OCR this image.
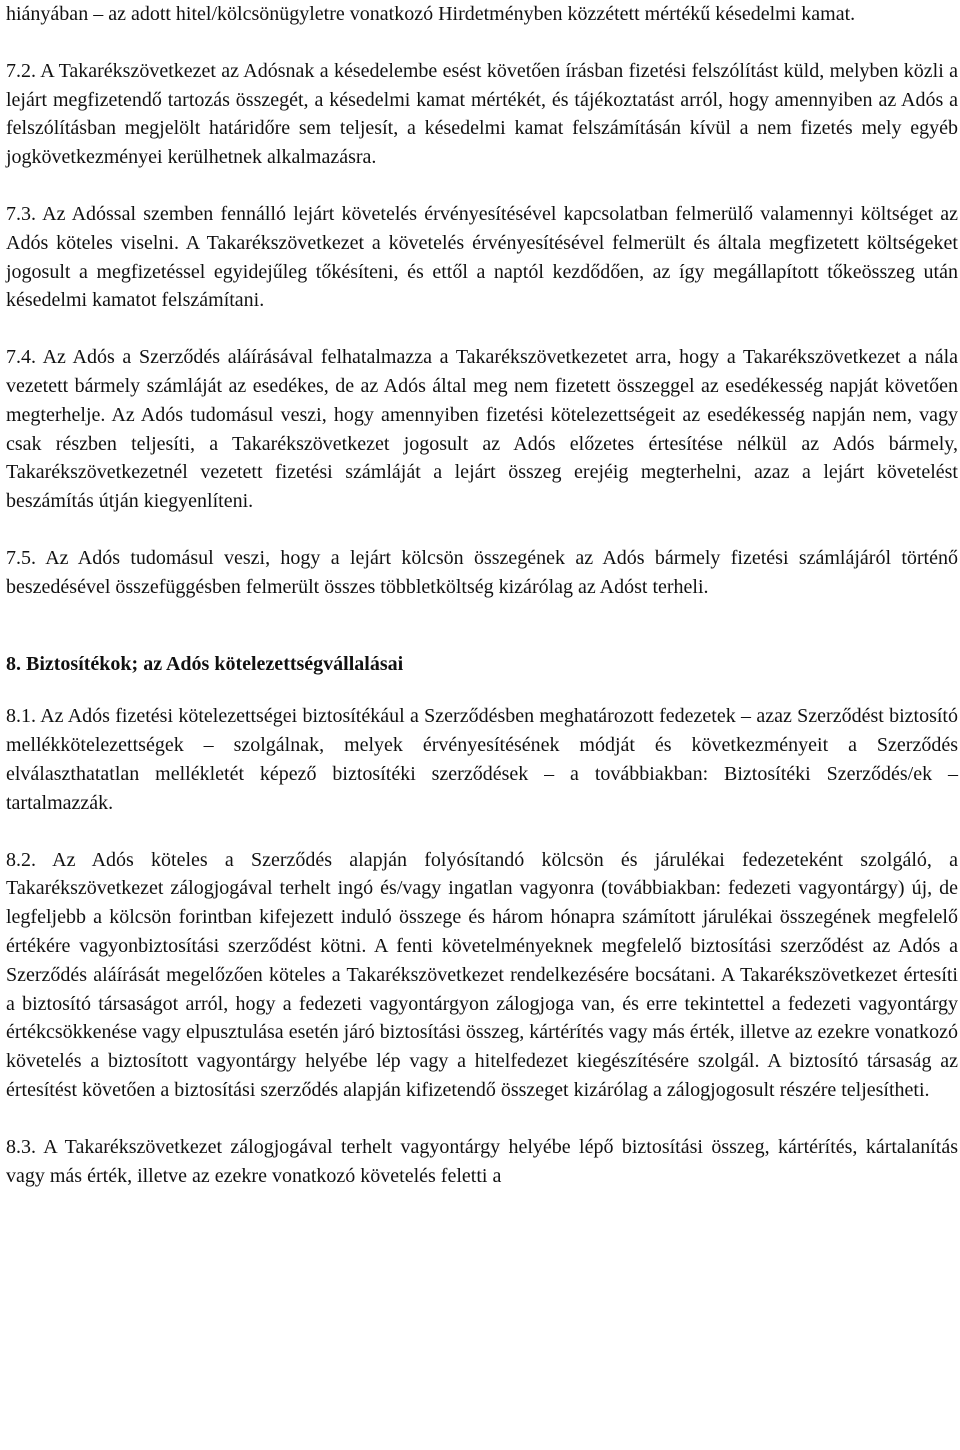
hiányában – az adott hitel/kölcsönügyletre vonatkozó Hirdetményben közzétett mértékű késedelmi kamat.

7.2. A Takarékszövetkezet az Adósnak a késedelembe esést követően írásban fizetési felszólítást küld, melyben közli a lejárt megfizetendő tartozás összegét, a késedelmi kamat mértékét, és tájékoztatást arról, hogy amennyiben az Adós a felszólításban megjelölt határidőre sem teljesít, a késedelmi kamat felszámításán kívül a nem fizetés mely egyéb jogkövetkezményei kerülhetnek alkalmazásra.

7.3. Az Adóssal szemben fennálló lejárt követelés érvényesítésével kapcsolatban felmerülő valamennyi költséget az Adós köteles viselni. A Takarékszövetkezet a követelés érvényesítésével felmerült és általa megfizetett költségeket jogosult a megfizetéssel egyidejűleg tőkésíteni, és ettől a naptól kezdődően, az így megállapított tőkeösszeg után késedelmi kamatot felszámítani.

7.4. Az Adós a Szerződés aláírásával felhatalmazza a Takarékszövetkezetet arra, hogy a Takarékszövetkezet a nála vezetett bármely számláját az esedékes, de az Adós által meg nem fizetett összeggel az esedékesség napját követően megterhelje. Az Adós tudomásul veszi, hogy amennyiben fizetési kötelezettségeit az esedékesség napján nem, vagy csak részben teljesíti, a Takarékszövetkezet jogosult az Adós előzetes értesítése nélkül az Adós bármely, Takarékszövetkezetnél vezetett fizetési számláját a lejárt összeg erejéig megterhelni, azaz a lejárt követelést beszámítás útján kiegyenlíteni.

7.5. Az Adós tudomásul veszi, hogy a lejárt kölcsön összegének az Adós bármely fizetési számlájáról történő beszedésével összefüggésben felmerült összes többletköltség kizárólag az Adóst terheli.

8. Biztosítékok; az Adós kötelezettségvállalásai

8.1. Az Adós fizetési kötelezettségei biztosítékául a Szerződésben meghatározott fedezetek – azaz Szerződést biztosító mellékkötelezettségek – szolgálnak, melyek érvényesítésének módját és következményeit a Szerződés elválaszthatatlan mellékletét képező biztosítéki szerződések – a továbbiakban: Biztosítéki Szerződés/ek – tartalmazzák.

8.2. Az Adós köteles a Szerződés alapján folyósítandó kölcsön és járulékai fedezeteként szolgáló, a Takarékszövetkezet zálogjogával terhelt ingó és/vagy ingatlan vagyonra (továbbiakban: fedezeti vagyontárgy) új, de legfeljebb a kölcsön forintban kifejezett induló összege és három hónapra számított járulékai összegének megfelelő értékére vagyonbiztosítási szerződést kötni. A fenti követelményeknek megfelelő biztosítási szerződést az Adós a Szerződés aláírását megelőzően köteles a Takarékszövetkezet rendelkezésére bocsátani. A Takarékszövetkezet értesíti a biztosító társaságot arról, hogy a fedezeti vagyontárgyon zálogjoga van, és erre tekintettel a fedezeti vagyontárgy értékcsökkenése vagy elpusztulása esetén járó biztosítási összeg, kártérítés vagy más érték, illetve az ezekre vonatkozó követelés a biztosított vagyontárgy helyébe lép vagy a hitelfedezet kiegészítésére szolgál. A biztosító társaság az értesítést követően a biztosítási szerződés alapján kifizetendő összeget kizárólag a zálogjogosult részére teljesítheti.

8.3. A Takarékszövetkezet zálogjogával terhelt vagyontárgy helyébe lépő biztosítási összeg, kártérítés, kártalanítás vagy más érték, illetve az ezekre vonatkozó követelés feletti a
